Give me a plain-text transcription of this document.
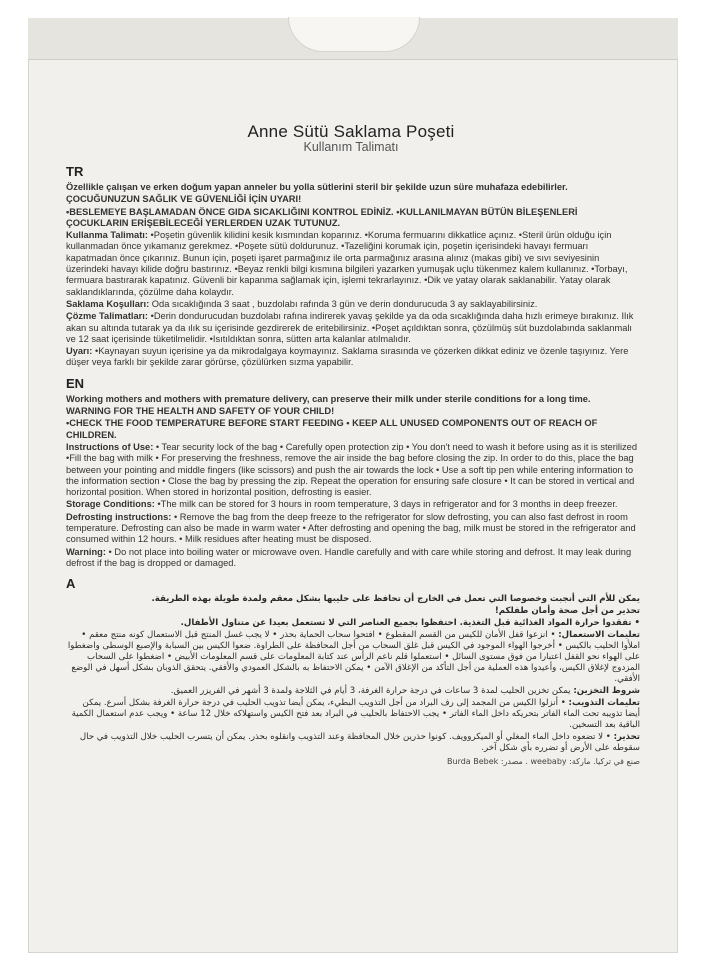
Anne Sütü Saklama Poşeti
Kullanım Talimatı
TR

Özellikle çalışan ve erken doğum yapan anneler bu yolla sütlerini steril bir şekilde uzun süre muhafaza edebilirler.

ÇOCUĞUNUZUN SAĞLIK VE GÜVENLİĞİ İÇİN UYARI!

•BESLEMEYE BAŞLAMADAN ÖNCE GIDA SICAKLIĞINI KONTROL EDİNİZ. •KULLANILMAYAN BÜTÜN BİLEŞENLERİ ÇOCUKLARIN ERİŞEBİLECEĞİ YERLERDEN UZAK TUTUNUZ.

Kullanma Talimatı: •Poşetin güvenlik kilidini kesik kısmından koparınız. •Koruma fermuarını dikkatlice açınız. •Steril ürün olduğu için kullanmadan önce yıkamanız gerekmez. •Poşete sütü doldurunuz. •Tazeliğini korumak için, poşetin içerisindeki havayı fermuarı kapatmadan önce çıkarınız. Bunun için, poşeti işaret parmağınız ile orta parmağınız arasına alınız (makas gibi) ve sıvı seviyesinin üzerindeki havayı kilide doğru bastırınız. •Beyaz renkli bilgi kısmına bilgileri yazarken yumuşak uçlu tükenmez kalem kullanınız. •Torbayı, fermuara bastırarak kapatınız. Güvenli bir kapanma sağlamak için, işlemi tekrarlayınız. •Dik ve yatay olarak saklanabilir. Yatay olarak saklandıklarında, çözülme daha kolaydır.

Saklama Koşulları: Oda sıcaklığında 3 saat , buzdolabı rafında 3 gün ve derin dondurucuda 3 ay saklayabilirsiniz.

Çözme Talimatları: •Derin dondurucudan buzdolabı rafına indirerek yavaş şekilde ya da oda sıcaklığında daha hızlı erimeye bırakınız. Ilık akan su altında tutarak ya da ılık su içerisinde gezdirerek de eritebilirsiniz. •Poşet açıldıktan sonra, çözülmüş süt buzdolabında saklanmalı ve 12 saat içerisinde tüketilmelidir. •Isıtıldıktan sonra, sütten arta kalanlar atılmalıdır.

Uyarı: •Kaynayan suyun içerisine ya da mikrodalgaya koymayınız. Saklama sırasında ve çözerken dikkat ediniz ve özenle taşıyınız. Yere düşer veya farklı bir şekilde zarar görürse, çözülürken sızma yapabilir.

EN

Working mothers and mothers with premature delivery, can preserve their milk under sterile conditions for a long time.

WARNING FOR THE HEALTH AND SAFETY OF YOUR CHILD!

•CHECK THE FOOD TEMPERATURE BEFORE START FEEDING • KEEP ALL UNUSED COMPONENTS OUT OF REACH OF CHILDREN.

Instructions of Use: • Tear security lock of the bag • Carefully open protection zip • You don't need to wash it before using as it is sterilized •Fill the bag with milk • For preserving the freshness, remove the air inside the bag before closing the zip. In order to do this, place the bag between your pointing and middle fingers (like scissors) and push the air towards the lock • Use a soft tip pen while entering information to the information section • Close the bag by pressing the zip. Repeat the operation for ensuring safe closure • It can be stored in vertical and horizontal position. When stored in horizontal position, defrosting is easier.

Storage Conditions: •The milk can be stored for 3 hours in room temperature, 3 days in refrigerator and for 3 months in deep freezer.

Defrosting instructions: • Remove the bag from the deep freeze to the refrigerator for slow defrosting, you can also fast defrost in room temperature. Defrosting can also be made in warm water • After defrosting and opening the bag, milk must be stored in the refrigerator and consumed within 12 hours. • Milk residues after heating must be disposed.

Warning: • Do not place into boiling water or microwave oven. Handle carefully and with care while storing and defrost. It may leak during defrost if the bag is dropped or damaged.

A

يمكن للأم التي أنجبت وخصوصا التي تعمل في الخارج أن تحافظ على حليبها بشكل معقم ولمدة طويلة بهذه الطريقة.

تحذير من أجل صحة وأمان طفلكم!

• تفقدوا حرارة المواد الغذائية قبل التغذية. احتفظوا بجميع العناصر التي لا تستعمل بعيدا عن متناول الأطفال.

تعليمات الاستعمال: • انزعوا قفل الأمان للكيس من القسم المقطوع • افتحوا سحاب الحماية بحذر • لا يجب غسل المنتج قبل الاستعمال كونه منتج معقم • املأوا الحليب بالكيس • أخرجوا الهواء الموجود في الكيس قبل غلق السحاب من أجل المحافظة على الطراوة. ضعوا الكيس بين السبابة والإصبع الوسطى واضغطوا على الهواء نحو القفل اعتبارا من فوق مستوى السائل • استعملوا قلم ناعم الرأس عند كتابة المعلومات على قسم المعلومات الأبيض • اضغطوا على السحاب المزدوج لإغلاق الكيس، وأعيدوا هذه العملية من أجل التأكد من الإغلاق الآمن • يمكن الاحتفاظ به بالشكل العمودي والأفقي. يتحقق الذوبان بشكل أسهل في الوضع الأفقي.

شروط التخزين: يمكن تخزين الحليب لمدة 3 ساعات في درجة حرارة الغرفة، 3 أيام في الثلاجة ولمدة 3 أشهر في الفريزر العميق.

تعليمات التذويب: • أنزلوا الكيس من المجمد إلى رف البراد من أجل التذويب البطيء، يمكن أيضا تذويب الحليب في درجة حرارة الغرفة بشكل أسرع. يمكن أيضا تذويبه تحت الماء الفاتر بتحريكه داخل الماء الفاتر • يجب الاحتفاظ بالحليب في البراد بعد فتح الكيس واستهلاكه خلال 12 ساعة • ويجب عدم استعمال الكمية الباقية بعد التسخين.

تحذير: • لا تضعوه داخل الماء المغلي أو الميكروويف. كونوا حذرين خلال المحافظة وعند التذويب وانقلوه بحذر. يمكن أن يتسرب الحليب خلال التذويب في حال سقوطه على الأرض أو تضرره بأي شكل آخر.

صنع في تركيا. ماركة: weebaby . مصدر: Burda Bebek
